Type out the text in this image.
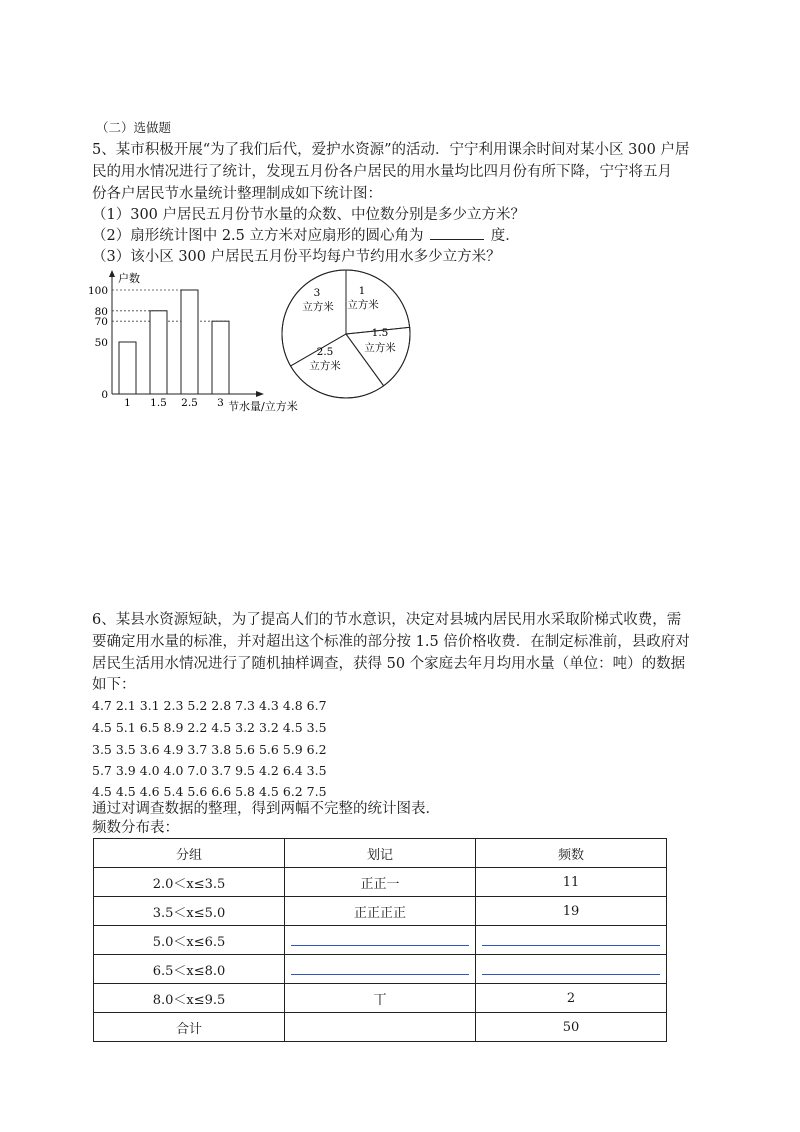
（二）选做题
5、某市积极开展“为了我们后代，爱护水资源”的活动．宁宁利用课余时间对某小区 300 户居
民的用水情况进行了统计，发现五月份各户居民的用水量均比四月份有所下降，宁宁将五月
份各户居民节水量统计整理制成如下统计图：
（1）300 户居民五月份节水量的众数、中位数分别是多少立方米？
（2）扇形统计图中 2.5 立方米对应扇形的圆心角为	度．
（3）该小区 300 户居民五月份平均每户节约用水多少立方米？
1 1.5 2.5 3
0
50
70
80
100
户数
节水量/立方米
3
立方米
1
立方米
1.5
立方米
2.5
立方米
6、某县水资源短缺，为了提高人们的节水意识，决定对县城内居民用水采取阶梯式收费，需
要确定用水量的标准，并对超出这个标准的部分按 1.5 倍价格收费．在制定标准前，县政府对
居民生活用水情况进行了随机抽样调查，获得 50 个家庭去年月均用水量（单位：吨）的数据
如下：
4.7 2.1 3.1 2.3 5.2 2.8 7.3 4.3 4.8 6.7
4.5 5.1 6.5 8.9 2.2 4.5 3.2 3.2 4.5 3.5
3.5 3.5 3.6 4.9 3.7 3.8 5.6 5.6 5.9 6.2
5.7 3.9 4.0 4.0 7.0 3.7 9.5 4.2 6.4 3.5
4.5 4.5 4.6 5.4 5.6 6.6 5.8 4.5 6.2 7.5
通过对调查数据的整理，得到两幅不完整的统计图表．
频数分布表：
分组	划记	频数
2.0＜x≤3.5	正正一	11
3.5＜x≤5.0	正正正正	19
5.0＜x≤6.5	

6.5＜x≤8.0	

8.0＜x≤9.5	丅	2
合计		50
